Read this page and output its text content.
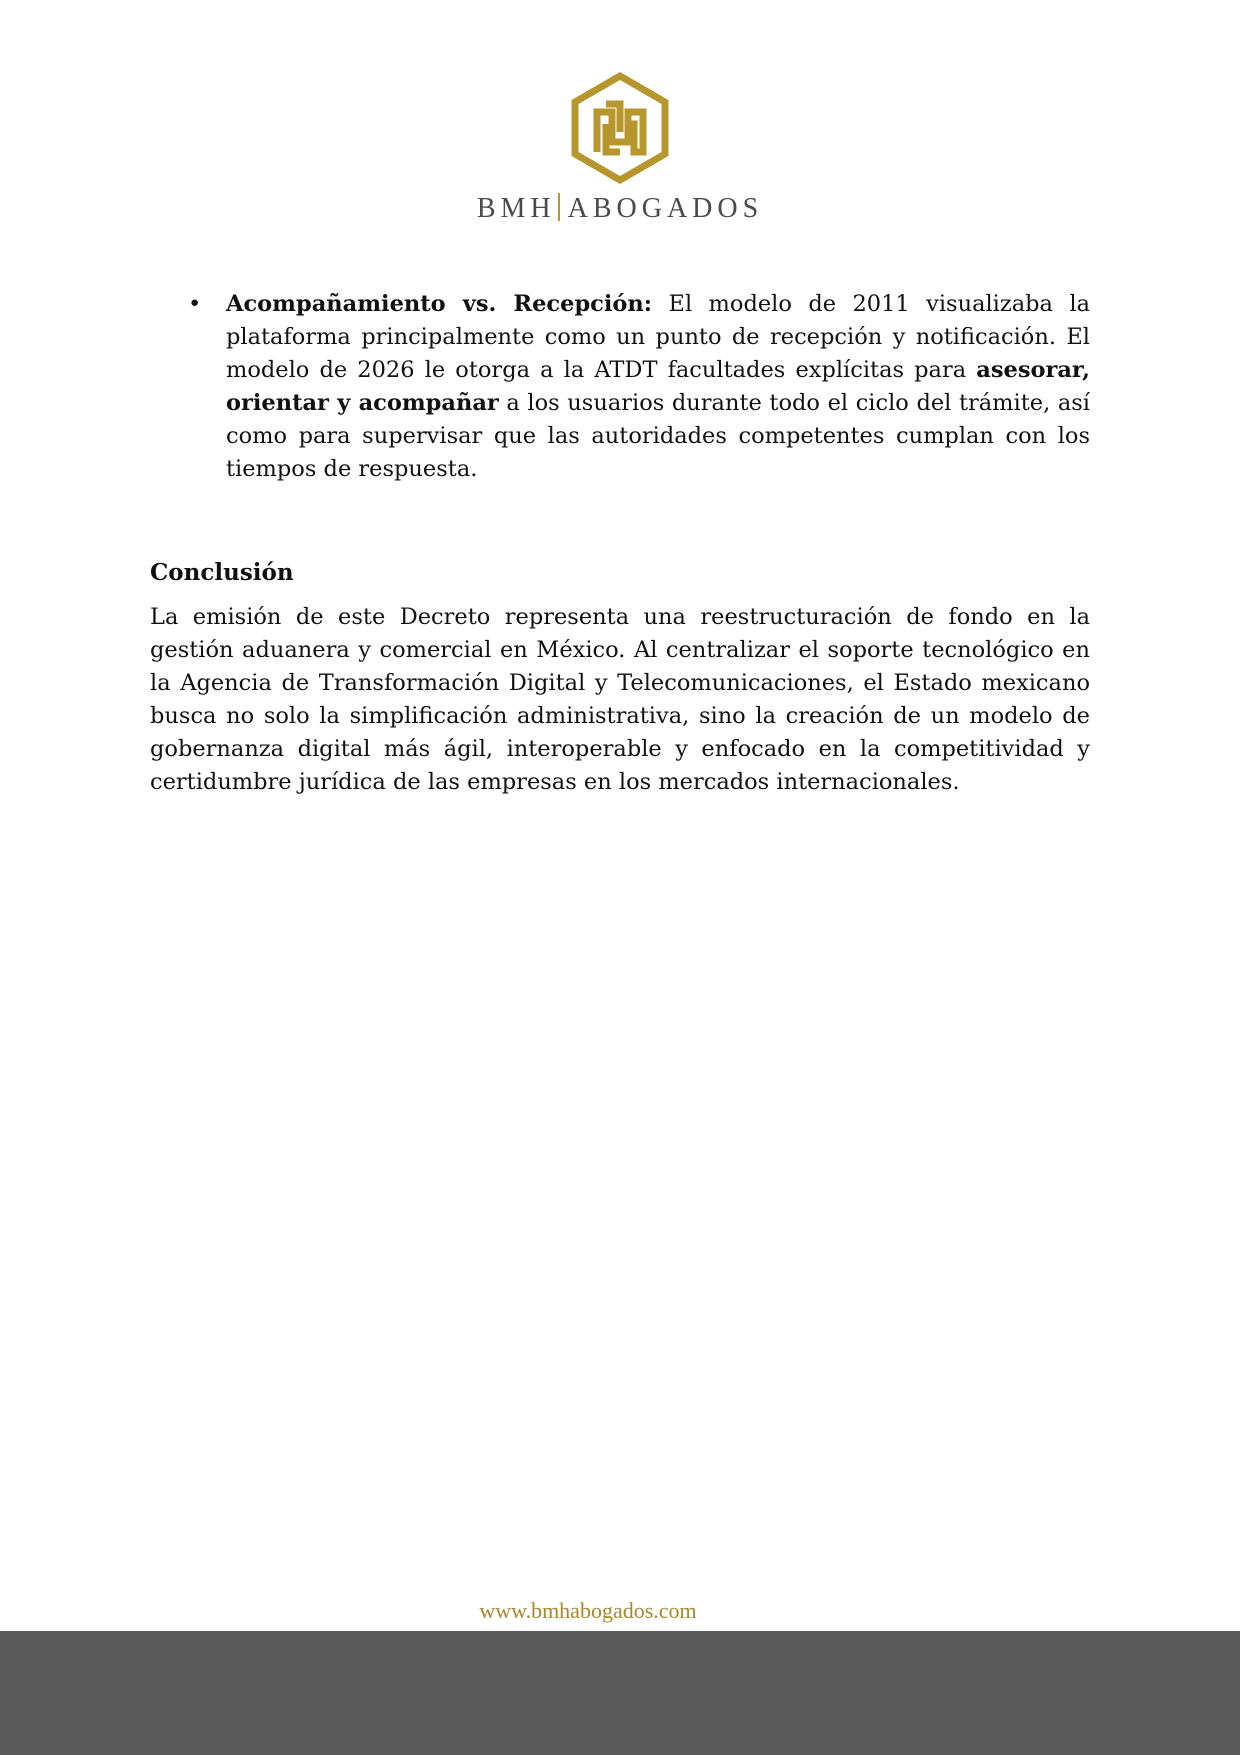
BMH ABOGADOS
• Acompañamiento vs. Recepción: El modelo de 2011 visualizaba la plataforma principalmente como un punto de recepción y notificación. El modelo de 2026 le otorga a la ATDT facultades explícitas para asesorar, orientar y acompañar a los usuarios durante todo el ciclo del trámite, así como para supervisar que las autoridades competentes cumplan con los tiempos de respuesta.
Conclusión

La emisión de este Decreto representa una reestructuración de fondo en la gestión aduanera y comercial en México. Al centralizar el soporte tecnológico en la Agencia de Transformación Digital y Telecomunicaciones, el Estado mexicano busca no solo la simplificación administrativa, sino la creación de un modelo de gobernanza digital más ágil, interoperable y enfocado en la competitividad y certidumbre jurídica de las empresas en los mercados internacionales.

www.bmhabogados.com
